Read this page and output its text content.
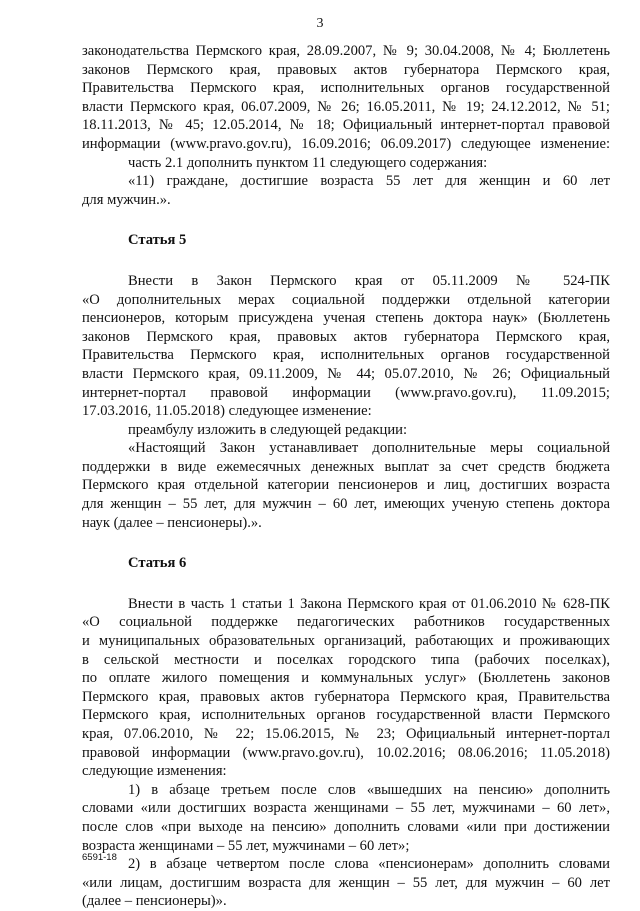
3
законодательства Пермского края, 28.09.2007, № 9; 30.04.2008, № 4; Бюллетень
законов Пермского края, правовых актов губернатора Пермского края,
Правительства Пермского края, исполнительных органов государственной
власти Пермского края, 06.07.2009, № 26; 16.05.2011, № 19; 24.12.2012, № 51;
18.11.2013, № 45; 12.05.2014, № 18; Официальный интернет-портал правовой
информации (www.pravo.gov.ru), 16.09.2016; 06.09.2017) следующее изменение:
часть 2.1 дополнить пунктом 11 следующего содержания:
«11) граждане, достигшие возраста 55 лет для женщин и 60 лет
для мужчин.».
Статья 5
Внести в Закон Пермского края от 05.11.2009 № 524-ПК
«О дополнительных мерах социальной поддержки отдельной категории
пенсионеров, которым присуждена ученая степень доктора наук» (Бюллетень
законов Пермского края, правовых актов губернатора Пермского края,
Правительства Пермского края, исполнительных органов государственной
власти Пермского края, 09.11.2009, № 44; 05.07.2010, № 26; Официальный
интернет-портал правовой информации (www.pravo.gov.ru), 11.09.2015;
17.03.2016, 11.05.2018) следующее изменение:
преамбулу изложить в следующей редакции:
«Настоящий Закон устанавливает дополнительные меры социальной
поддержки в виде ежемесячных денежных выплат за счет средств бюджета
Пермского края отдельной категории пенсионеров и лиц, достигших возраста
для женщин – 55 лет, для мужчин – 60 лет, имеющих ученую степень доктора
наук (далее – пенсионеры).».
Статья 6
Внести в часть 1 статьи 1 Закона Пермского края от 01.06.2010 № 628-ПК
«О социальной поддержке педагогических работников государственных
и муниципальных образовательных организаций, работающих и проживающих
в сельской местности и поселках городского типа (рабочих поселках),
по оплате жилого помещения и коммунальных услуг» (Бюллетень законов
Пермского края, правовых актов губернатора Пермского края, Правительства
Пермского края, исполнительных органов государственной власти Пермского
края, 07.06.2010, № 22; 15.06.2015, № 23; Официальный интернет-портал
правовой информации (www.pravo.gov.ru), 10.02.2016; 08.06.2016; 11.05.2018)
следующие изменения:
1) в абзаце третьем после слов «вышедших на пенсию» дополнить
словами «или достигших возраста женщинами – 55 лет, мужчинами – 60 лет»,
после слов «при выходе на пенсию» дополнить словами «или при достижении
возраста женщинами – 55 лет, мужчинами – 60 лет»;
2) в абзаце четвертом после слова «пенсионерам» дополнить словами
«или лицам, достигшим возраста для женщин – 55 лет, для мужчин – 60 лет
(далее – пенсионеры)».
6591-18
